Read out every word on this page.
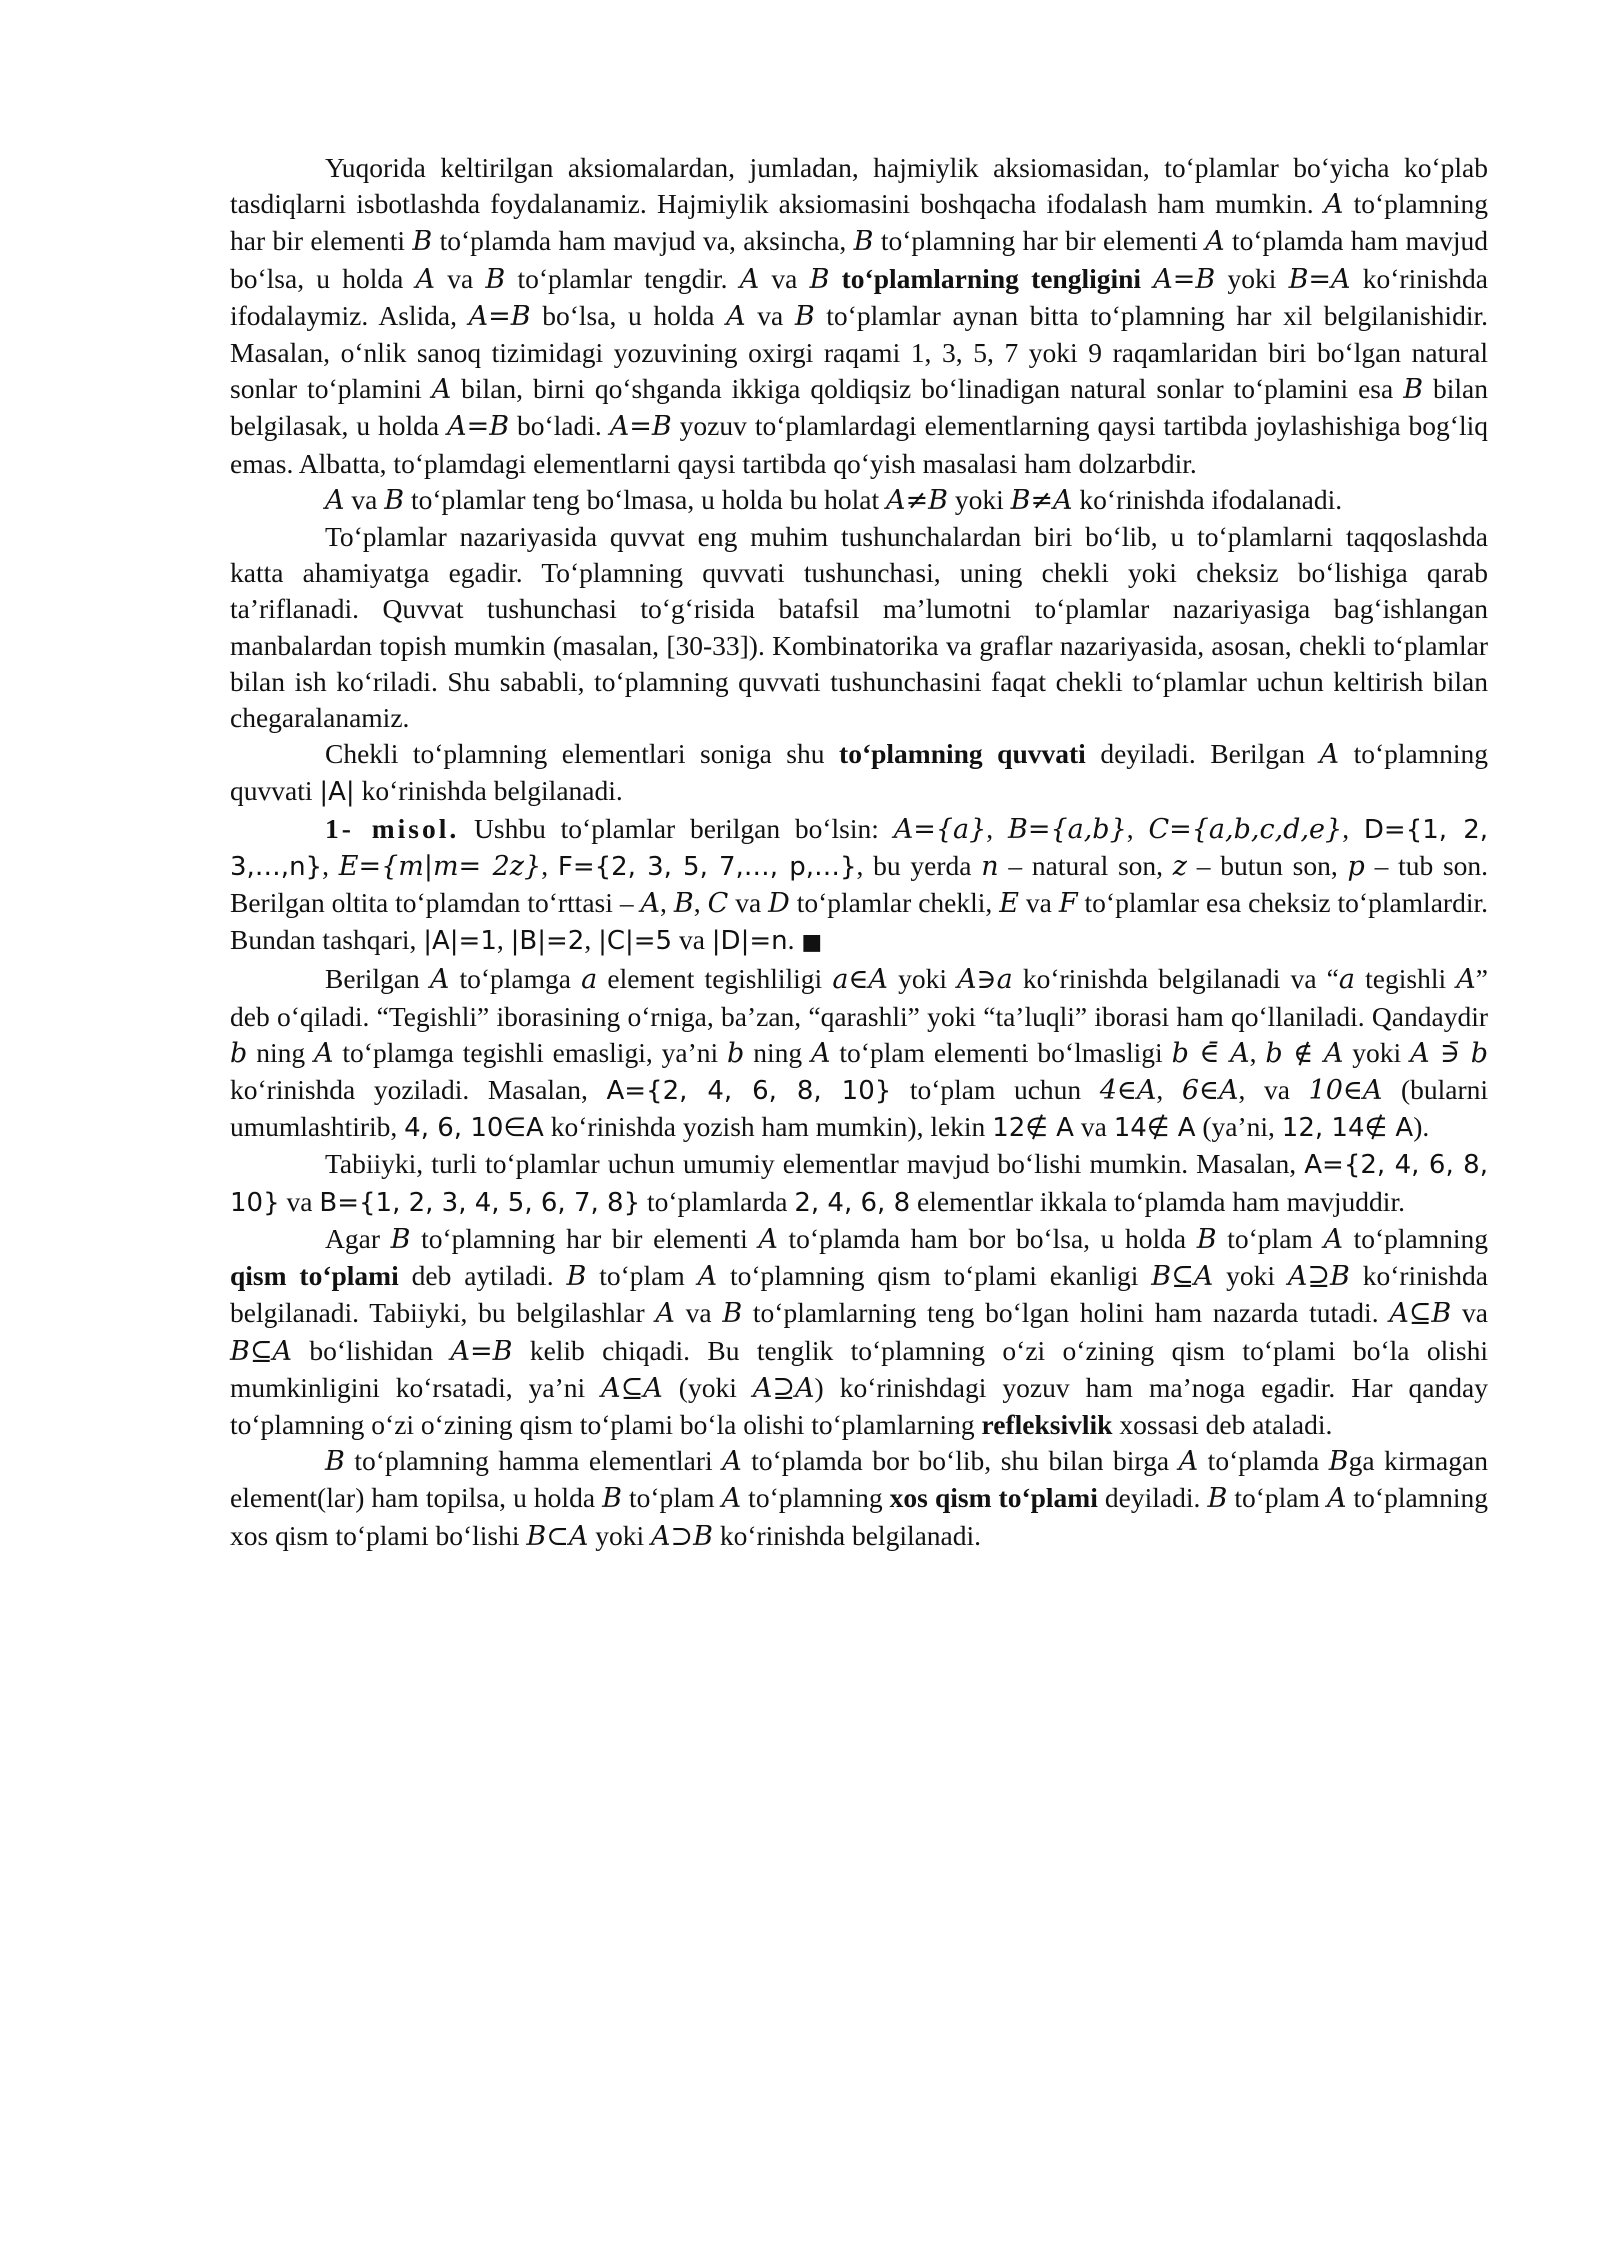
Yuqorida keltirilgan aksiomalardan, jumladan, hajmiylik aksiomasidan, to‘plamlar bo‘yicha ko‘plab tasdiqlarni isbotlashda foydalanamiz. Hajmiylik aksiomasini boshqacha ifodalash ham mumkin. A to‘plamning har bir elementi B to‘plamda ham mavjud va, aksincha, B to‘plamning har bir elementi A to‘plamda ham mavjud bo‘lsa, u holda A va B to‘plamlar tengdir. A va B to‘plamlarning tengligini A=B yoki B=A ko‘rinishda ifodalaymiz. Aslida, A=B bo‘lsa, u holda A va B to‘plamlar aynan bitta to‘plamning har xil belgilanishidir. Masalan, o‘nlik sanoq tizimidagi yozuvining oxirgi raqami 1, 3, 5, 7 yoki 9 raqamlaridan biri bo‘lgan natural sonlar to‘plamini A bilan, birni qo‘shganda ikkiga qoldiqsiz bo‘linadigan natural sonlar to‘plamini esa B bilan belgilasak, u holda A=B bo‘ladi. A=B yozuv to‘plamlardagi elementlarning qaysi tartibda joylashishiga bog‘liq emas. Albatta, to‘plamdagi elementlarni qaysi tartibda qo‘yish masalasi ham dolzarbdir.

A va B to‘plamlar teng bo‘lmasa, u holda bu holat A≠B yoki B≠A ko‘rinishda ifodalanadi.

To‘plamlar nazariyasida quvvat eng muhim tushunchalardan biri bo‘lib, u to‘plamlarni taqqoslashda katta ahamiyatga egadir. To‘plamning quvvati tushunchasi, uning chekli yoki cheksiz bo‘lishiga qarab ta’riflanadi. Quvvat tushunchasi to‘g‘risida batafsil ma’lumotni to‘plamlar nazariyasiga bag‘ishlangan manbalardan topish mumkin (masalan, [30-33]). Kombinatorika va graflar nazariyasida, asosan, chekli to‘plamlar bilan ish ko‘riladi. Shu sababli, to‘plamning quvvati tushunchasini faqat chekli to‘plamlar uchun keltirish bilan chegaralanamiz.

Chekli to‘plamning elementlari soniga shu to‘plamning quvvati deyiladi. Berilgan A to‘plamning quvvati |A| ko‘rinishda belgilanadi.

1- misol. Ushbu to‘plamlar berilgan bo‘lsin: A={a}, B={a,b}, C={a,b,c,d,e}, D={1, 2, 3,…,n}, E={m|m= 2z}, F={2, 3, 5, 7,…, p,…}, bu yerda n – natural son, z – butun son, p – tub son. Berilgan oltita to‘plamdan to‘rttasi – A, B, C va D to‘plamlar chekli, E va F to‘plamlar esa cheksiz to‘plamlardir. Bundan tashqari, |A|=1, |B|=2, |C|=5 va |D|=n. ■

Berilgan A to‘plamga a element tegishliligi a∈A yoki A∋a ko‘rinishda belgilanadi va “a tegishli A” deb o‘qiladi. “Tegishli” iborasining o‘rniga, ba’zan, “qarashli” yoki “ta’luqli” iborasi ham qo‘llaniladi. Qandaydir b ning A to‘plamga tegishli emasligi, ya’ni b ning A to‘plam elementi bo‘lmasligi b ∈̄ A, b ∉ A yoki A ∋̄ b ko‘rinishda yoziladi. Masalan, A={2, 4, 6, 8, 10} to‘plam uchun 4∈A, 6∈A, va 10∈A (bularni umumlashtirib, 4, 6, 10∈A ko‘rinishda yozish ham mumkin), lekin 12∉ A va 14∉ A (ya’ni, 12, 14∉ A).

Tabiiyki, turli to‘plamlar uchun umumiy elementlar mavjud bo‘lishi mumkin. Masalan, A={2, 4, 6, 8, 10} va B={1, 2, 3, 4, 5, 6, 7, 8} to‘plamlarda 2, 4, 6, 8 elementlar ikkala to‘plamda ham mavjuddir.

Agar B to‘plamning har bir elementi A to‘plamda ham bor bo‘lsa, u holda B to‘plam A to‘plamning qism to‘plami deb aytiladi. B to‘plam A to‘plamning qism to‘plami ekanligi B⊆A yoki A⊇B ko‘rinishda belgilanadi. Tabiiyki, bu belgilashlar A va B to‘plamlarning teng bo‘lgan holini ham nazarda tutadi. A⊆B va B⊆A bo‘lishidan A=B kelib chiqadi. Bu tenglik to‘plamning o‘zi o‘zining qism to‘plami bo‘la olishi mumkinligini ko‘rsatadi, ya’ni A⊆A (yoki A⊇A) ko‘rinishdagi yozuv ham ma’noga egadir. Har qanday to‘plamning o‘zi o‘zining qism to‘plami bo‘la olishi to‘plamlarning refleksivlik xossasi deb ataladi.

B to‘plamning hamma elementlari A to‘plamda bor bo‘lib, shu bilan birga A to‘plamda Bga kirmagan element(lar) ham topilsa, u holda B to‘plam A to‘plamning xos qism to‘plami deyiladi. B to‘plam A to‘plamning xos qism to‘plami bo‘lishi B⊂A yoki A⊃B ko‘rinishda belgilanadi.
